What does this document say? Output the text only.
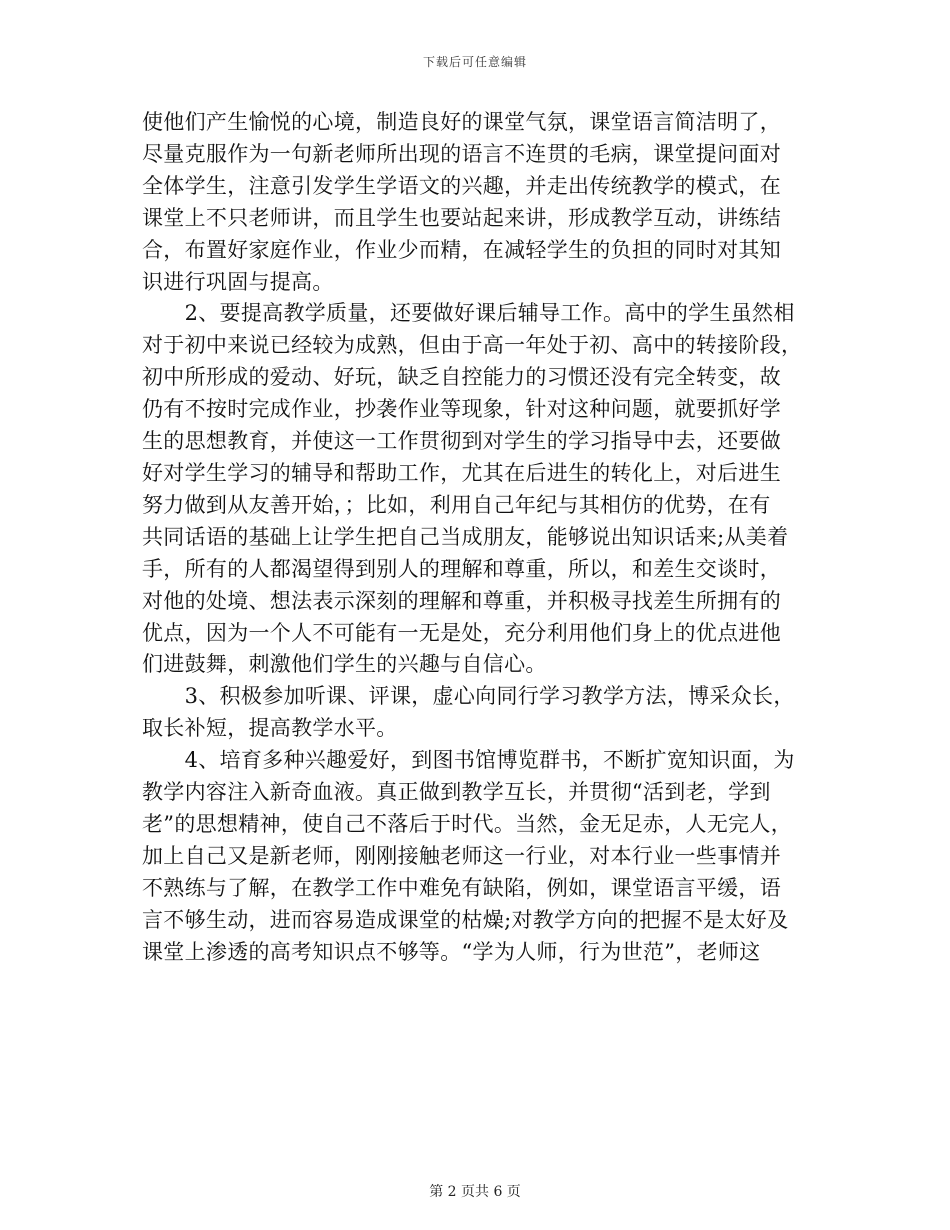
下载后可任意编辑
使他们产生愉悦的心境，制造良好的课堂气氛，课堂语言简洁明了，
尽量克服作为一句新老师所出现的语言不连贯的毛病，课堂提问面对
全体学生，注意引发学生学语文的兴趣，并走出传统教学的模式，在
课堂上不只老师讲，而且学生也要站起来讲，形成教学互动，讲练结
合，布置好家庭作业，作业少而精，在减轻学生的负担的同时对其知
识进行巩固与提高。
　　2、要提高教学质量，还要做好课后辅导工作。高中的学生虽然相
对于初中来说已经较为成熟，但由于高一年处于初、高中的转接阶段，
初中所形成的爱动、好玩，缺乏自控能力的习惯还没有完全转变，故
仍有不按时完成作业，抄袭作业等现象，针对这种问题，就要抓好学
生的思想教育，并使这一工作贯彻到对学生的学习指导中去，还要做
好对学生学习的辅导和帮助工作，尤其在后进生的转化上，对后进生
努力做到从友善开始，；比如，利用自己年纪与其相仿的优势，在有
共同话语的基础上让学生把自己当成朋友，能够说出知识话来;从美着
手，所有的人都渴望得到别人的理解和尊重，所以，和差生交谈时，
对他的处境、想法表示深刻的理解和尊重，并积极寻找差生所拥有的
优点，因为一个人不可能有一无是处，充分利用他们身上的优点进他
们进鼓舞，刺激他们学生的兴趣与自信心。
　　3、积极参加听课、评课，虚心向同行学习教学方法，博采众长，
取长补短，提高教学水平。
　　4、培育多种兴趣爱好，到图书馆博览群书，不断扩宽知识面，为
教学内容注入新奇血液。真正做到教学互长，并贯彻“活到老，学到
老”的思想精神，使自己不落后于时代。当然，金无足赤，人无完人，
加上自己又是新老师，刚刚接触老师这一行业，对本行业一些事情并
不熟练与了解，在教学工作中难免有缺陷，例如，课堂语言平缓，语
言不够生动，进而容易造成课堂的枯燥;对教学方向的把握不是太好及
课堂上渗透的高考知识点不够等。“学为人师，行为世范”，老师这
第 2 页共 6 页
